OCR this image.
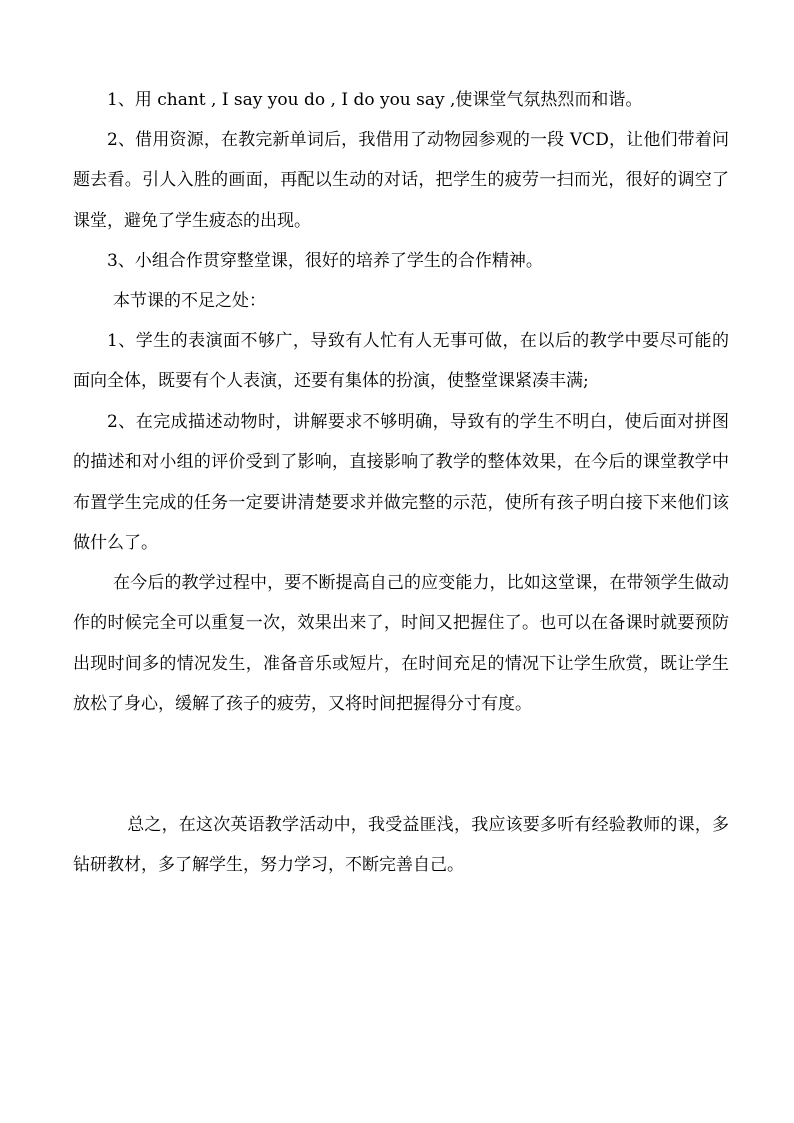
1、用 chant , I say you do , I do you say ,使课堂气氛热烈而和谐。

2、借用资源，在教完新单词后，我借用了动物园参观的一段 VCD，让他们带着问题去看。引人入胜的画面，再配以生动的对话，把学生的疲劳一扫而光，很好的调空了课堂，避免了学生疲态的出现。

3、小组合作贯穿整堂课，很好的培养了学生的合作精神。

本节课的不足之处：

1、学生的表演面不够广，导致有人忙有人无事可做，在以后的教学中要尽可能的面向全体，既要有个人表演，还要有集体的扮演，使整堂课紧凑丰满;

2、在完成描述动物时，讲解要求不够明确，导致有的学生不明白，使后面对拼图的描述和对小组的评价受到了影响，直接影响了教学的整体效果，在今后的课堂教学中布置学生完成的任务一定要讲清楚要求并做完整的示范，使所有孩子明白接下来他们该做什么了。

在今后的教学过程中，要不断提高自己的应变能力，比如这堂课，在带领学生做动作的时候完全可以重复一次，效果出来了，时间又把握住了。也可以在备课时就要预防出现时间多的情况发生，准备音乐或短片，在时间充足的情况下让学生欣赏，既让学生放松了身心，缓解了孩子的疲劳，又将时间把握得分寸有度。

总之，在这次英语教学活动中，我受益匪浅，我应该要多听有经验教师的课，多钻研教材，多了解学生，努力学习，不断完善自己。
